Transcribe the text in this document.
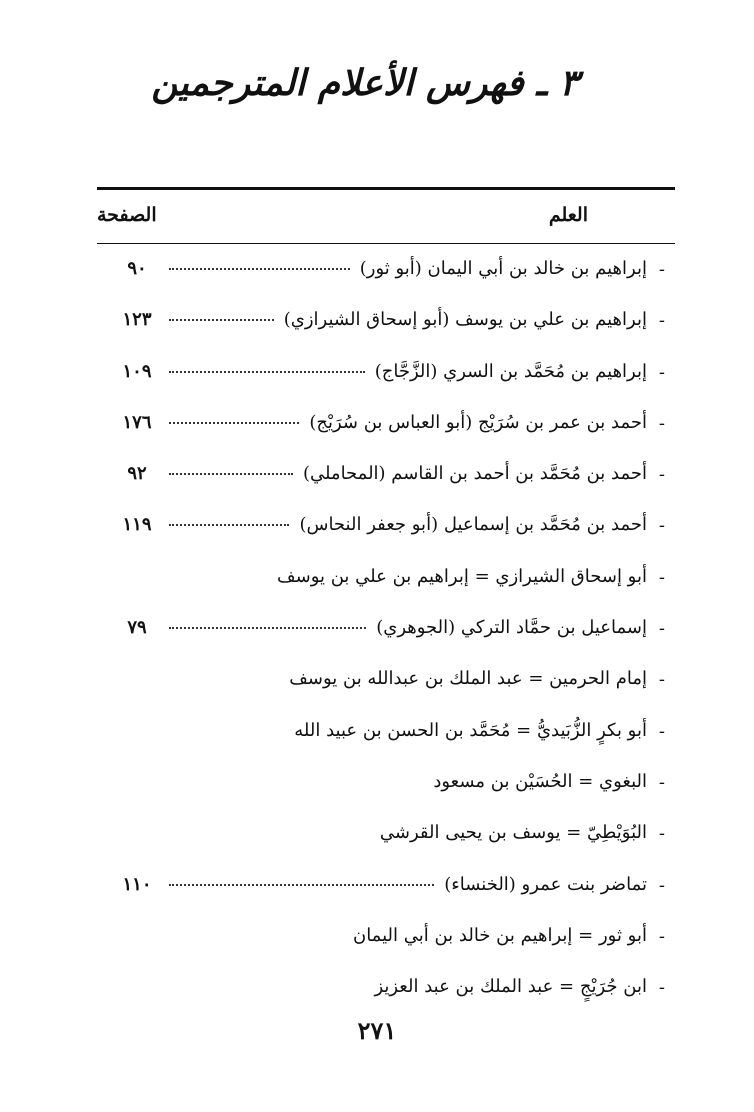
٣ ـ فهرس الأعلام المترجمين
العلم
الصفحة
-
إبراهيم بن خالد بن أبي اليمان (أبو ثور)
٩٠
-
إبراهيم بن علي بن يوسف (أبو إسحاق الشيرازي)
١٢٣
-
إبراهيم بن مُحَمَّد بن السري (الزَّجَّاج)
١٠٩
-
أحمد بن عمر بن سُرَيْج (أبو العباس بن سُرَيْج)
١٧٦
-
أحمد بن مُحَمَّد بن أحمد بن القاسم (المحاملي)
٩٢
-
أحمد بن مُحَمَّد بن إسماعيل (أبو جعفر النحاس)
١١٩
-
أبو إسحاق الشيرازي = إبراهيم بن علي بن يوسف
-
إسماعيل بن حمَّاد التركي (الجوهري)
٧٩
-
إمام الحرمين = عبد الملك بن عبدالله بن يوسف
-
أبو بكرٍ الزُّبَيديُّ = مُحَمَّد بن الحسن بن عبيد الله
-
البغوي = الحُسَيْن بن مسعود
-
البُوَيْطِيّ = يوسف بن يحيى القرشي
-
تماضر بنت عمرو (الخنساء)
١١٠
-
أبو ثور = إبراهيم بن خالد بن أبي اليمان
-
ابن جُرَيْجٍ = عبد الملك بن عبد العزيز
٢٧١
